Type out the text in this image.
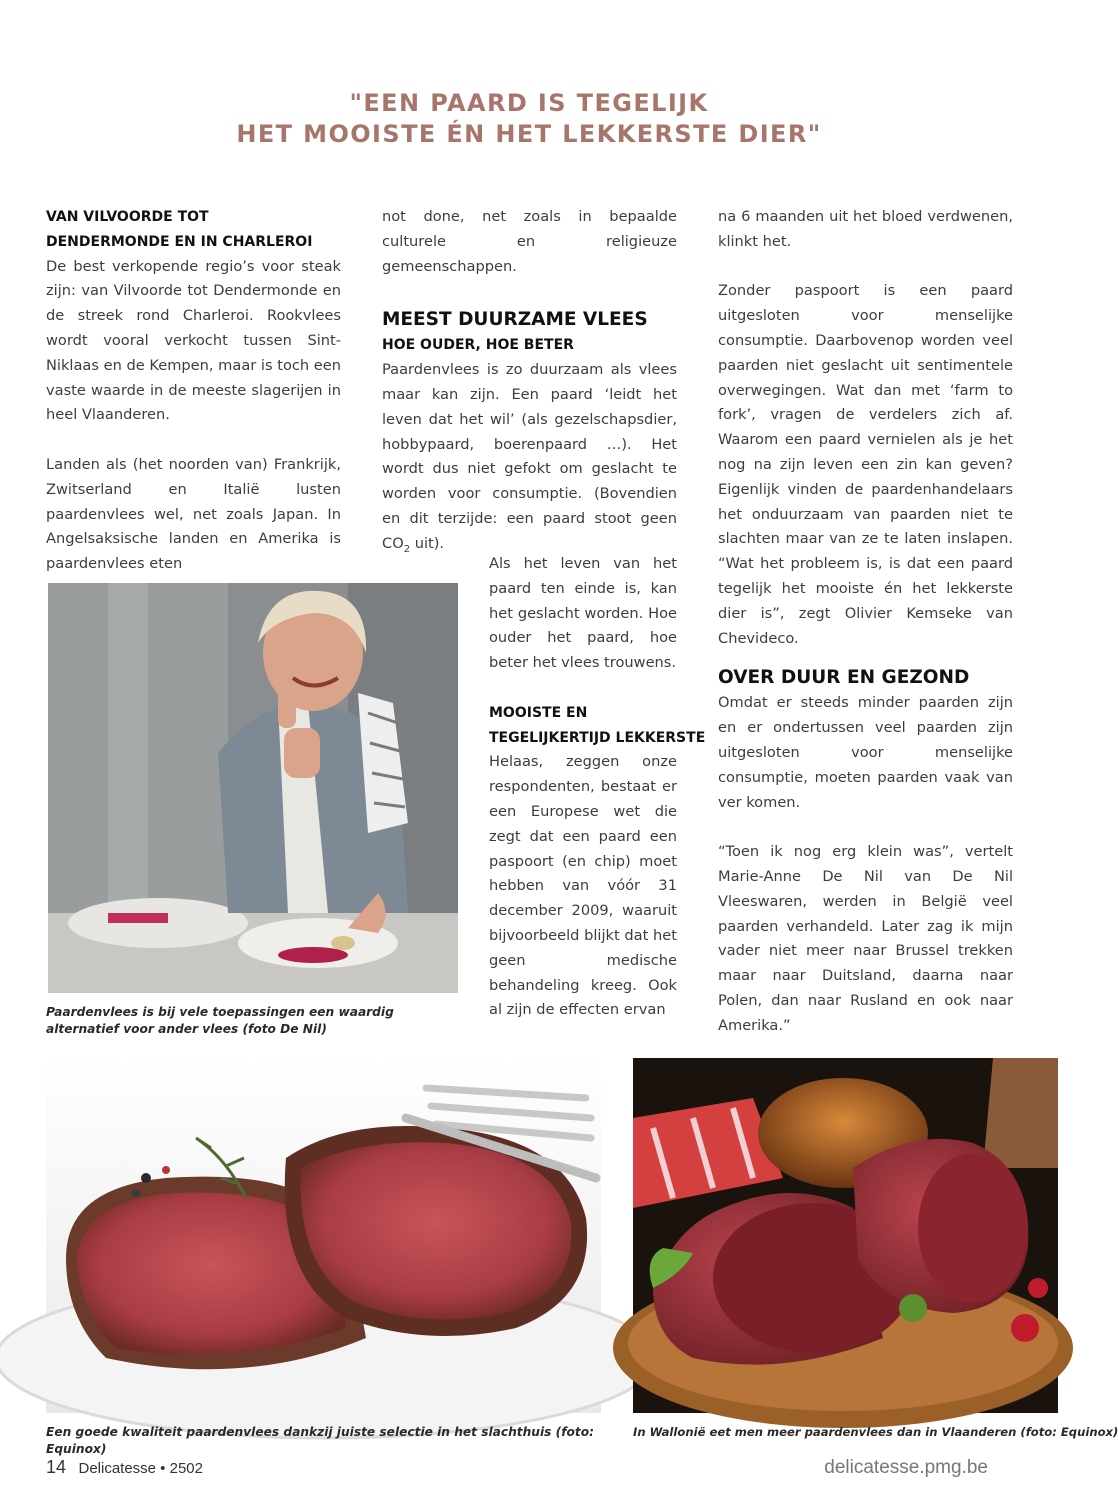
"EEN PAARD IS TEGELIJK
HET MOOISTE ÉN HET LEKKERSTE DIER"
VAN VILVOORDE TOT
DENDERMONDE EN IN CHARLEROI

De best verkopende regio’s voor steak zijn: van Vilvoorde tot Dendermonde en de streek rond Charleroi. Rookvlees wordt vooral verkocht tussen Sint-Niklaas en de Kempen, maar is toch een vaste waarde in de meeste slagerijen in heel Vlaanderen.

Landen als (het noorden van) Frankrijk, Zwitserland en Italië lusten paardenvlees wel, net zoals Japan. In Angelsaksische landen en Amerika is paardenvlees eten

not done, net zoals in bepaalde culturele en religieuze gemeenschappen.

MEEST DUURZAME VLEES
HOE OUDER, HOE BETER

Paardenvlees is zo duurzaam als vlees maar kan zijn. Een paard ‘leidt het leven dat het wil’ (als gezelschapsdier, hobbypaard, boerenpaard …). Het wordt dus niet gefokt om geslacht te worden voor consumptie. (Bovendien en dit terzijde: een paard stoot geen $CO_2$ uit).

Als het leven van het paard ten einde is, kan het geslacht worden. Hoe ouder het paard, hoe beter het vlees trouwens.

MOOISTE EN
TEGELIJKERTIJD LEKKERSTE

Helaas, zeggen onze respondenten, bestaat er een Europese wet die zegt dat een paard een paspoort (en chip) moet hebben van vóór 31 december 2009, waaruit bijvoorbeeld blijkt dat het geen medische behandeling kreeg. Ook al zijn de effecten ervan

na 6 maanden uit het bloed verdwenen, klinkt het.

Zonder paspoort is een paard uitgesloten voor menselijke consumptie. Daarbovenop worden veel paarden niet geslacht uit sentimentele overwegingen. Wat dan met ‘farm to fork’, vragen de verdelers zich af. Waarom een paard vernielen als je het nog na zijn leven een zin kan geven? Eigenlijk vinden de paardenhandelaars het onduurzaam van paarden niet te slachten maar van ze te laten inslapen. “Wat het probleem is, is dat een paard tegelijk het mooiste én het lekkerste dier is”, zegt Olivier Kemseke van Chevideco.

OVER DUUR EN GEZOND

Omdat er steeds minder paarden zijn en er ondertussen veel paarden zijn uitgesloten voor menselijke consumptie, moeten paarden vaak van ver komen.

“Toen ik nog erg klein was”, vertelt Marie-Anne De Nil van De Nil Vleeswaren, werden in België veel paarden verhandeld. Later zag ik mijn vader niet meer naar Brussel trekken maar naar Duitsland, daarna naar Polen, dan naar Rusland en ook naar Amerika.”

Paardenvlees is bij vele toepassingen een waardig alternatief voor ander vlees (foto De Nil)
Een goede kwaliteit paardenvlees dankzij juiste selectie in het slachthuis (foto: Equinox)
In Wallonië eet men meer paardenvlees dan in Vlaanderen (foto: Equinox)
14 Delicatesse • 2502	delicatesse.pmg.be
